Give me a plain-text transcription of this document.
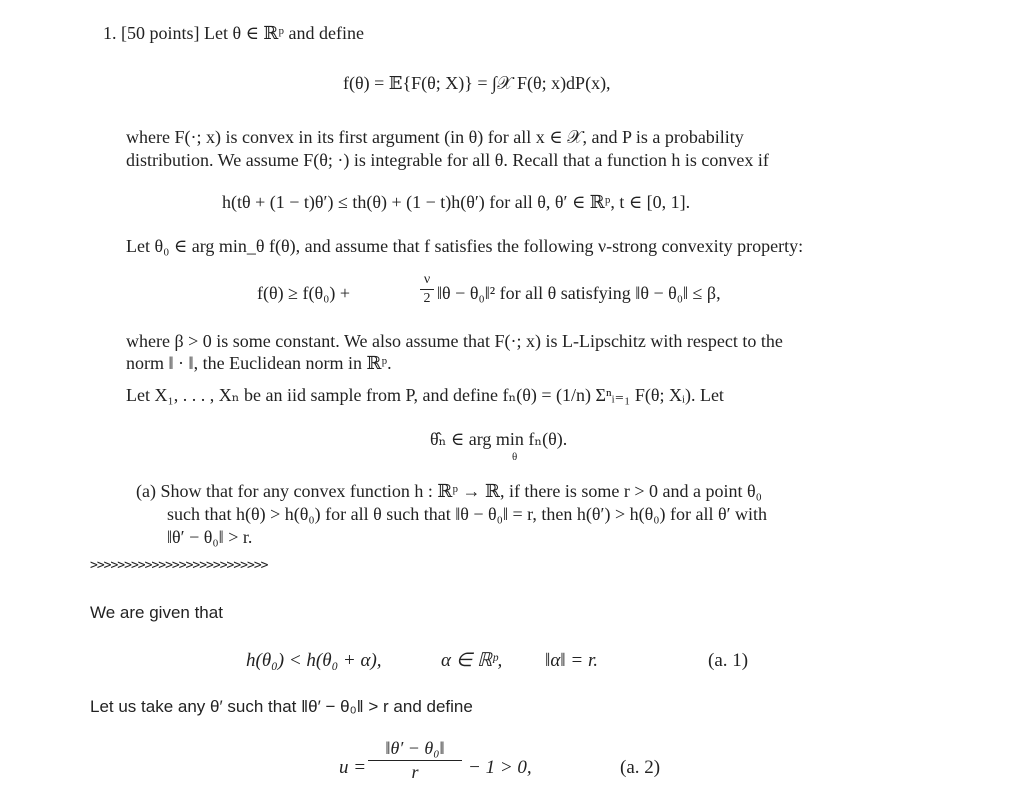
1. [50 points] Let θ ∈ ℝᵖ and define
f(θ) = 𝔼{F(θ; X)} = ∫𝒳 F(θ; x)dP(x),
where F(·; x) is convex in its first argument (in θ) for all x ∈ 𝒳, and P is a probability
distribution. We assume F(θ; ·) is integrable for all θ. Recall that a function h is convex if
h(tθ + (1 − t)θ′) ≤ th(θ) + (1 − t)h(θ′) for all θ, θ′ ∈ ℝᵖ, t ∈ [0, 1].
Let θ₀ ∈ arg min_θ f(θ), and assume that f satisfies the following ν-strong convexity property:
f(θ) ≥ f(θ₀) +
ν
2 ‖θ − θ₀‖² for all θ satisfying ‖θ − θ₀‖ ≤ β,
where β > 0 is some constant. We also assume that F(·; x) is L-Lipschitz with respect to the
norm ‖ · ‖, the Euclidean norm in ℝᵖ.
Let X₁, . . . , Xₙ be an iid sample from P, and define fₙ(θ) = (1/n) Σⁿᵢ₌₁ F(θ; Xᵢ). Let
θ̂ₙ ∈ arg min fₙ(θ).
θ
(a) Show that for any convex function h : ℝᵖ → ℝ, if there is some r > 0 and a point θ₀
such that h(θ) > h(θ₀) for all θ such that ‖θ − θ₀‖ = r, then h(θ′) > h(θ₀) for all θ′ with
‖θ′ − θ₀‖ > r.
>>>>>>>>>>>>>>>>>>>>>>>>>>
We are given that
h(θ₀) < h(θ₀ + α),	α ∈ ℝᵖ, ‖α‖ = r.	(a. 1)
Let us take any θ′ such that ‖θ′ − θ₀‖ > r and define
u =
‖θ′ − θ₀‖
r	− 1 > 0,	(a. 2)
